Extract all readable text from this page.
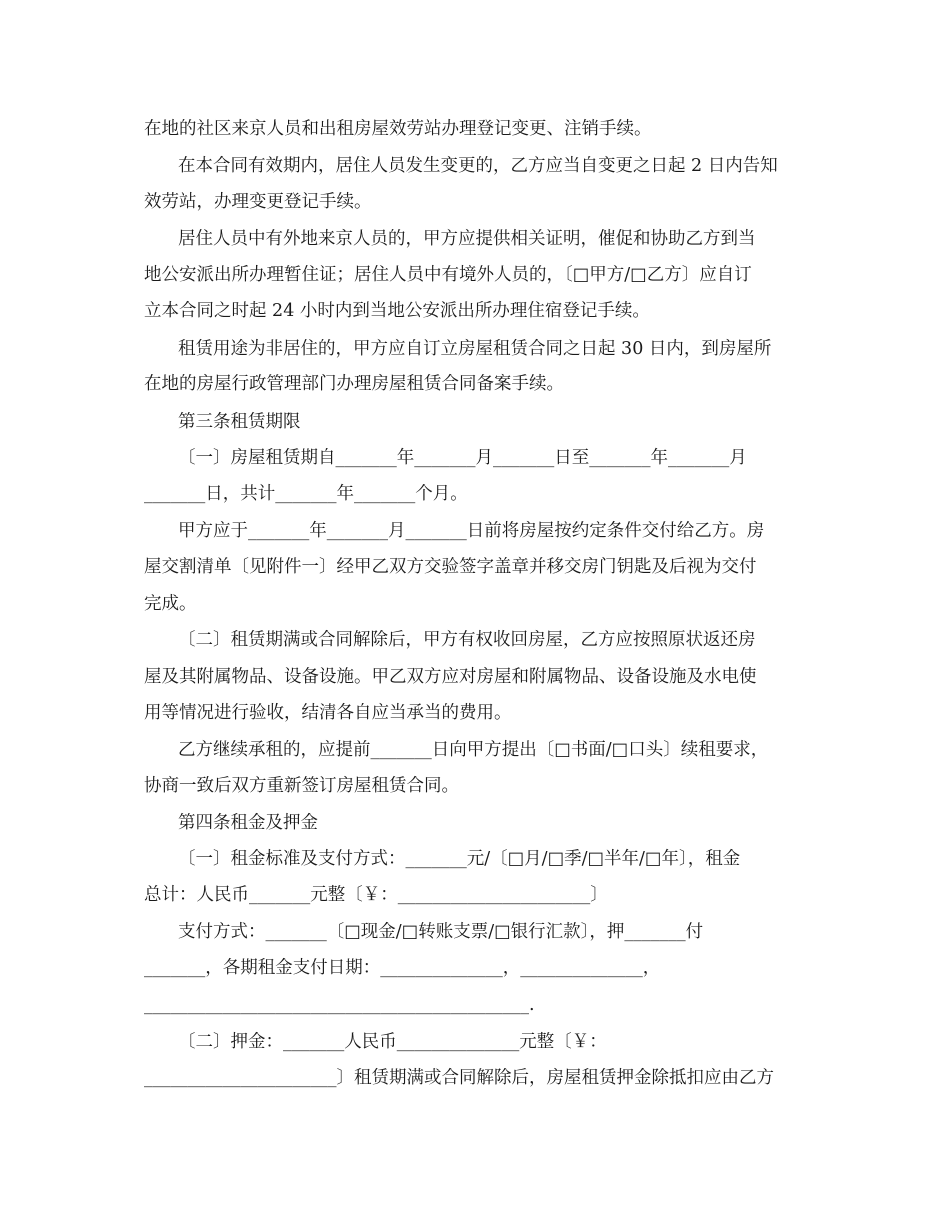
在地的社区来京人员和出租房屋效劳站办理登记变更、注销手续。
在本合同有效期内，居住人员发生变更的，乙方应当自变更之日起 2 日内告知
效劳站，办理变更登记手续。
居住人员中有外地来京人员的，甲方应提供相关证明，催促和协助乙方到当
地公安派出所办理暂住证；居住人员中有境外人员的，〔□甲方/□乙方〕应自订
立本合同之时起 24 小时内到当地公安派出所办理住宿登记手续。
租赁用途为非居住的，甲方应自订立房屋租赁合同之日起 30 日内，到房屋所
在地的房屋行政管理部门办理房屋租赁合同备案手续。
第三条租赁期限
〔一〕房屋租赁期自_______年_______月_______日至_______年_______月
_______日，共计_______年_______个月。
甲方应于_______年_______月_______日前将房屋按约定条件交付给乙方。房
屋交割清单〔见附件一〕经甲乙双方交验签字盖章并移交房门钥匙及后视为交付
完成。
〔二〕租赁期满或合同解除后，甲方有权收回房屋，乙方应按照原状返还房
屋及其附属物品、设备设施。甲乙双方应对房屋和附属物品、设备设施及水电使
用等情况进行验收，结清各自应当承当的费用。
乙方继续承租的，应提前_______日向甲方提出〔□书面/□口头〕续租要求，
协商一致后双方重新签订房屋租赁合同。
第四条租金及押金
〔一〕租金标准及支付方式：_______元/〔□月/□季/□半年/□年〕，租金
总计：人民币_______元整〔￥：______________________〕
支付方式：_______〔□现金/□转账支票/□银行汇款〕，押_______付
_______，各期租金支付日期：______________，______________，
____________________________________________.
〔二〕押金：_______人民币______________元整〔￥：
______________________〕租赁期满或合同解除后，房屋租赁押金除抵扣应由乙方
